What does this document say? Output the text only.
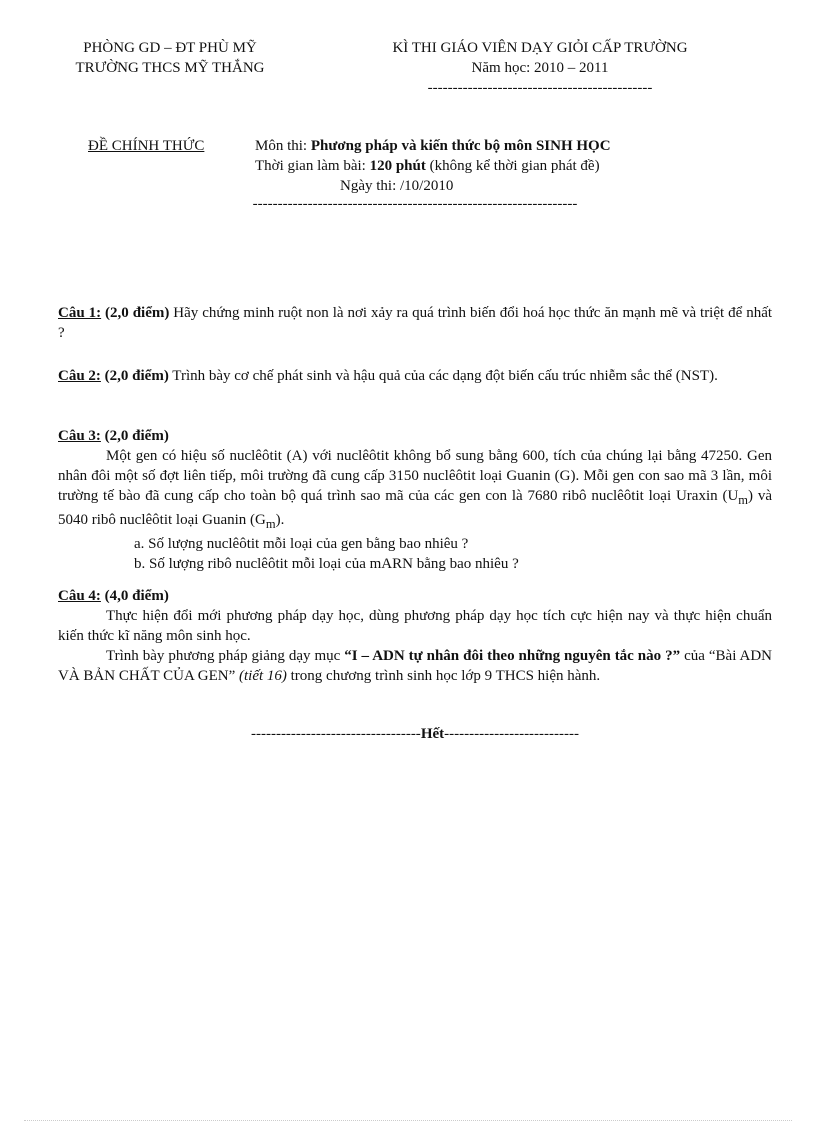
PHÒNG GD – ĐT PHÙ MỸ
TRƯỜNG THCS MỸ THẮNG
KÌ THI GIÁO VIÊN DẠY GIỎI CẤP TRƯỜNG
Năm học: 2010 – 2011
---------------------------------------------
ĐỀ CHÍNH THỨC	Môn thi: Phương pháp và kiến thức bộ môn SINH HỌC
Thời gian làm bài: 120 phút (không kể thời gian phát đề)
Ngày thi: /10/2010
-----------------------------------------------------------------

Câu 1: (2,0 điểm) Hãy chứng minh ruột non là nơi xảy ra quá trình biến đổi hoá học thức ăn mạnh mẽ và triệt để nhất ?

Câu 2: (2,0 điểm) Trình bày cơ chế phát sinh và hậu quả của các dạng đột biến cấu trúc nhiễm sắc thể (NST).

Câu 3: (2,0 điểm)

Một gen có hiệu số nuclêôtit (A) với nuclêôtit không bổ sung bằng 600, tích của chúng lại bằng 47250. Gen nhân đôi một số đợt liên tiếp, môi trường đã cung cấp 3150 nuclêôtit loại Guanin (G). Mỗi gen con sao mã 3 lần, môi trường tế bào đã cung cấp cho toàn bộ quá trình sao mã của các gen con là 7680 ribô nuclêôtit loại Uraxin $(U_m)$ và 5040 ribô nuclêôtit loại Guanin $(G_m)$.

a. Số lượng nuclêôtit mỗi loại của gen bằng bao nhiêu ?

b. Số lượng ribô nuclêôtit mỗi loại của mARN bằng bao nhiêu ?

Câu 4: (4,0 điểm)

Thực hiện đổi mới phương pháp dạy học, dùng phương pháp dạy học tích cực hiện nay và thực hiện chuẩn kiến thức kĩ năng môn sinh học.

Trình bày phương pháp giảng dạy mục “I – ADN tự nhân đôi theo những nguyên tắc nào ?” của “Bài ADN VÀ BẢN CHẤT CỦA GEN” (tiết 16) trong chương trình sinh học lớp 9 THCS hiện hành.

----------------------------------Hết---------------------------
